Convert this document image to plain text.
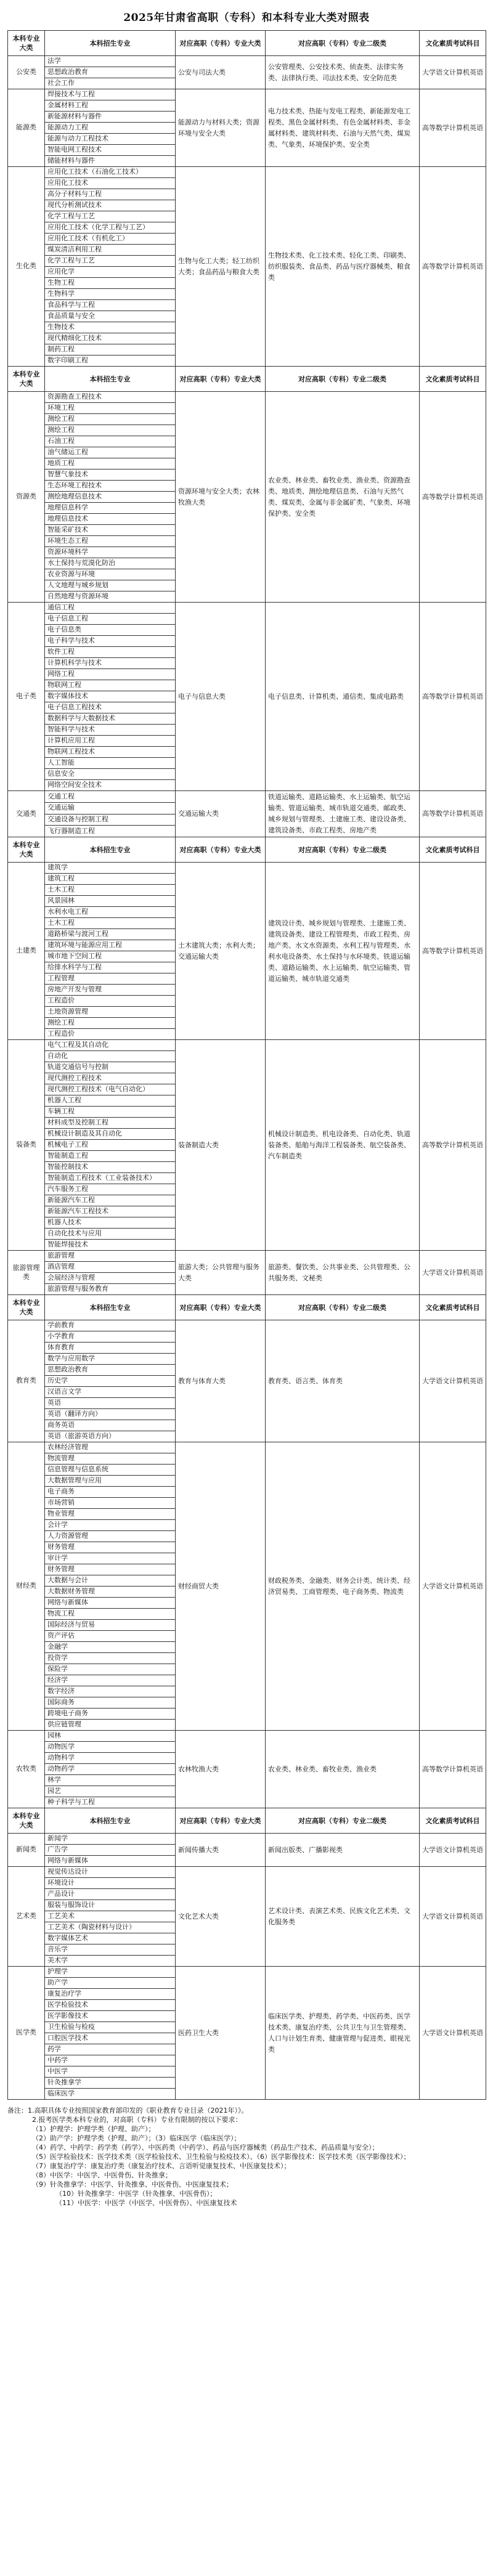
2025年甘肃省高职（专科）和本科专业大类对照表
本科专业大类	本科招生专业	对应高职（专科）专业大类	对应高职（专科）专业二级类	文化素质考试科目
公安类	法学	公安与司法大类	公安管理类、公安技术类、侦查类、法律实务类、法律执行类、司法技术类、安全防范类	大学语文计算机英语
	思想政治教育			
	社会工作			
能源类	焊接技术与工程	能源动力与材料大类；资源环境与安全大类	电力技术类、热能与发电工程类、新能源发电工程类、黑色金属材料类、有色金属材料类、非金属材料类、建筑材料类、石油与天然气类、煤炭类、气象类、环境保护类、安全类	高等数学计算机英语
	金属材料工程			
	新能源材料与器件			
	能源动力工程			
	能源与动力工程技术			
	智能电网工程技术			
	储能材料与器件			
生化类	应用化工技术（石油化工技术）	生物与化工大类；轻工纺织大类；食品药品与粮食大类	生物技术类、化工技术类、轻化工类、印刷类、纺织服装类、食品类、药品与医疗器械类、粮食类	高等数学计算机英语
	应用化工技术			
	高分子材料与工程			
	现代分析测试技术			
	化学工程与工艺			
	应用化工技术（化学工程与工艺）			
	应用化工技术（有机化工）			
	煤炭清洁利用工程			
	化学工程与工艺			
	应用化学			
	生物工程			
	生物科学			
	食品科学与工程			
	食品质量与安全			
	生物技术			
	现代精细化工技术			
	制药工程			
	数字印刷工程			
本科专业大类	本科招生专业	对应高职（专科）专业大类	对应高职（专科）专业二级类	文化素质考试科目
资源类	资源勘查工程技术	资源环境与安全大类；农林牧渔大类	农业类、林业类、畜牧业类、渔业类、资源勘查类、地质类、测绘地理信息类、石油与天然气类、煤炭类、金属与非金属矿类、气象类、环境保护类、安全类	高等数学计算机英语
	环境工程			
	测绘工程			
	测绘工程			
	石油工程			
	油气储运工程			
	地质工程			
	智慧气象技术			
	生态环境工程技术			
	测绘地理信息技术			
	地理信息科学			
	地理信息技术			
	智能采矿技术			
	环境生态工程			
	资源环境科学			
	水土保持与荒漠化防治			
	农业资源与环境			
	人文地理与城乡规划			
	自然地理与资源环境			
电子类	通信工程	电子与信息大类	电子信息类、计算机类、通信类、集成电路类	高等数学计算机英语
	电子信息工程			
	电子信息类			
	电子科学与技术			
	软件工程			
	计算机科学与技术			
	网络工程			
	物联网工程			
	数字媒体技术			
	电子信息工程技术			
	数据科学与大数据技术			
	智能科学与技术			
	计算机应用工程			
	物联网工程技术			
	人工智能			
	信息安全			
	网络空间安全技术			
交通类	交通工程	交通运输大类	铁道运输类、道路运输类、水上运输类、航空运输类、管道运输类、城市轨道交通类、邮政类、城乡规划与管理类、土建施工类、建设设备类、建筑设备类、市政工程类、房地产类	高等数学计算机英语
	交通运输			
	交通设备与控制工程			
	飞行器制造工程			
本科专业大类	本科招生专业	对应高职（专科）专业大类	对应高职（专科）专业二级类	文化素质考试科目
土建类	建筑学	土木建筑大类；水利大类；交通运输大类	建筑设计类、城乡规划与管理类、土建施工类、建筑设备类、建设工程管理类、市政工程类、房地产类、水文水资源类、水利工程与管理类、水利水电设备类、水土保持与水环境类、铁道运输类、道路运输类、水上运输类、航空运输类、管道运输类、城市轨道交通类	高等数学计算机英语
	建筑工程			
	土木工程			
	风景园林			
	水利水电工程			
	土木工程			
	道路桥梁与渡河工程			
	建筑环境与能源应用工程			
	城市地下空间工程			
	给排水科学与工程			
	工程管理			
	房地产开发与管理			
	工程造价			
	土地资源管理			
	测绘工程			
	工程造价			
装备类	电气工程及其自动化	装备制造大类	机械设计制造类、机电设备类、自动化类、轨道装备类、船舶与海洋工程装备类、航空装备类、汽车制造类	高等数学计算机英语
	自动化			
	轨道交通信号与控制			
	现代测控工程技术			
	现代测控工程技术（电气自动化）			
	机器人工程			
	车辆工程			
	材料成型及控制工程			
	机械设计制造及其自动化			
	机械电子工程			
	智能制造工程			
	智能控制技术			
	智能制造工程技术（工业装备技术）			
	汽车服务工程			
	新能源汽车工程			
	新能源汽车工程技术			
	机器人技术			
	自动化技术与应用			
	智能焊接技术			
旅游管理类	旅游管理	旅游大类；公共管理与服务大类	旅游类、餐饮类、公共事业类、公共管理类、公共服务类、文秘类	大学语文计算机英语
	酒店管理			
	会展经济与管理			
	旅游管理与服务教育			
本科专业大类	本科招生专业	对应高职（专科）专业大类	对应高职（专科）专业二级类	文化素质考试科目
教育类	学前教育	教育与体育大类	教育类、语言类、体育类	大学语文计算机英语
	小学教育			
	体育教育			
	数学与应用数学			
	思想政治教育			
	历史学			
	汉语言文学			
	英语			
	英语（翻译方向）			
	商务英语			
	英语（旅游英语方向）			
财经类	农林经济管理	财经商贸大类	财政税务类、金融类、财务会计类、统计类、经济贸易类、工商管理类、电子商务类、物流类	大学语文计算机英语
	物流管理			
	信息管理与信息系统			
	大数据管理与应用			
	电子商务			
	市场营销			
	物业管理			
	会计学			
	人力资源管理			
	财务管理			
	审计学			
	财务管理			
	大数据与会计			
	大数据财务管理			
	网络与新媒体			
	物流工程			
	国际经济与贸易			
	资产评估			
	金融学			
	投资学			
	保险学			
	经济学			
	数字经济			
	国际商务			
	跨境电子商务			
	供应链管理			
农牧类	园林	农林牧渔大类	农业类、林业类、畜牧业类、渔业类	高等数学计算机英语
	动物医学			
	动物科学			
	动物药学			
	林学			
	园艺			
	种子科学与工程			
本科专业大类	本科招生专业	对应高职（专科）专业大类	对应高职（专科）专业二级类	文化素质考试科目
新闻类	新闻学	新闻传播大类	新闻出版类、广播影视类	大学语文计算机英语
	广告学			
	网络与新媒体			
艺术类	视觉传达设计	文化艺术大类	艺术设计类、表演艺术类、民族文化艺术类、文化服务类	大学语文计算机英语
	环境设计			
	产品设计			
	服装与服饰设计			
	工艺美术			
	工艺美术（陶瓷材料与设计）			
	数字媒体艺术			
	音乐学			
	美术学			
医学类	护理学	医药卫生大类	临床医学类、护理类、药学类、中医药类、医学技术类、康复治疗类、公共卫生与卫生管理类、人口与计划生育类、健康管理与促进类、眼视光类	大学语文计算机英语
	助产学			
	康复治疗学			
	医学检验技术			
	医学影像技术			
	卫生检验与检疫			
	口腔医学技术			
	药学			
	中药学			
	中医学			
	针灸推拿学			
	临床医学			

备注：1.高职具体专业按照国家教育部印发的《职业教育专业目录（2021年）》。

2.报考医学类本科专业的，对高职（专科）专业有限制的按以下要求：

（1）护理学：护理学类（护理、助产）；

（2）助产学：护理学类（护理、助产）；（3）临床医学（临床医学）；

（4）药学、中药学：药学类（药学）、中医药类（中药学）、药品与医疗器械类（药品生产技术、药品质量与安全）；

（5）医学检验技术：医学技术类（医学检验技术、卫生检验与检疫技术）、（6）医学影像技术：医学技术类（医学影像技术）；

（7）康复治疗学：康复治疗类（康复治疗技术、言语听觉康复技术、中医康复技术）；

（8）中医学：中医学、中医骨伤、针灸推拿；

（9）针灸推拿学：中医学、针灸推拿、中医骨伤、中医康复技术；

（10）针灸推拿学：中医学（针灸推拿、中医骨伤）；

（11）中医学：中医学（中医学、中医骨伤）、中医康复技术
